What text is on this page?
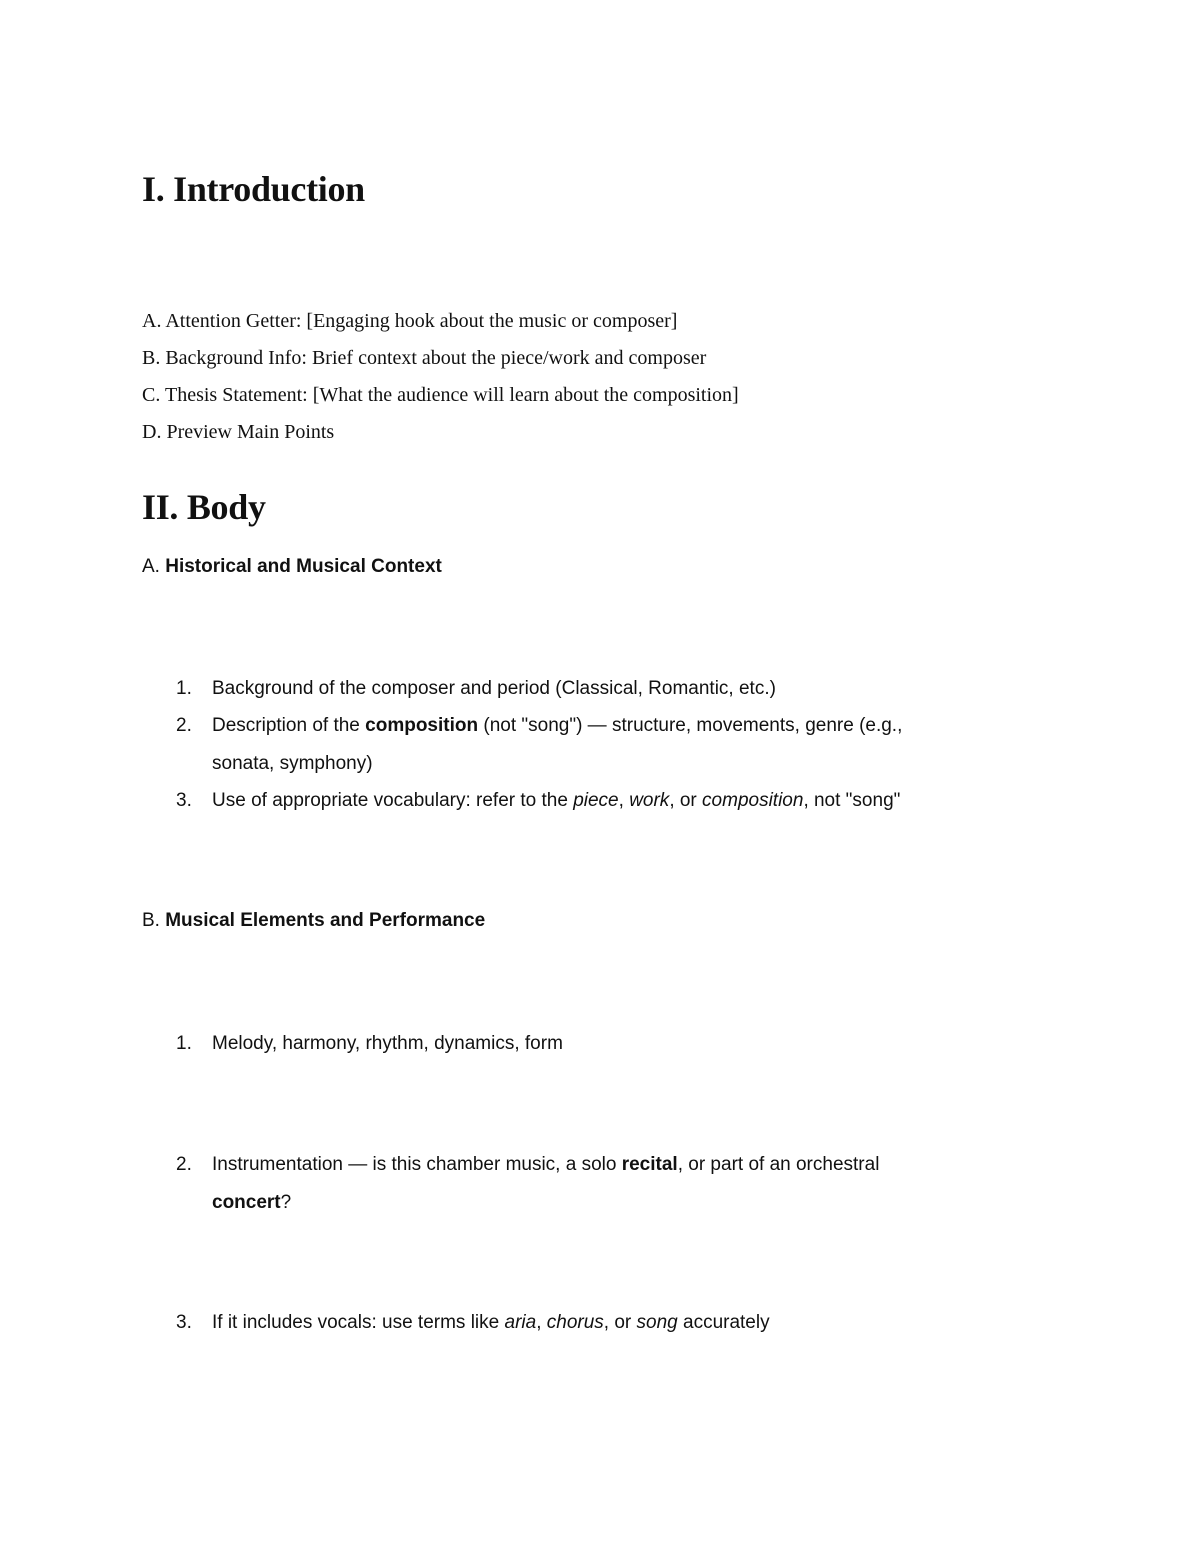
I. Introduction

A. Attention Getter: [Engaging hook about the music or composer]

B. Background Info: Brief context about the piece/work and composer

C. Thesis Statement: [What the audience will learn about the composition]

D. Preview Main Points

II. Body

A. Historical and Musical Context

1. Background of the composer and period (Classical, Romantic, etc.)
2. Description of the composition (not "song") — structure, movements, genre (e.g.,
sonata, symphony)
3. Use of appropriate vocabulary: refer to the piece, work, or composition, not "song"

B. Musical Elements and Performance

1. Melody, harmony, rhythm, dynamics, form
2. Instrumentation — is this chamber music, a solo recital, or part of an orchestral
concert?
3. If it includes vocals: use terms like aria, chorus, or song accurately
